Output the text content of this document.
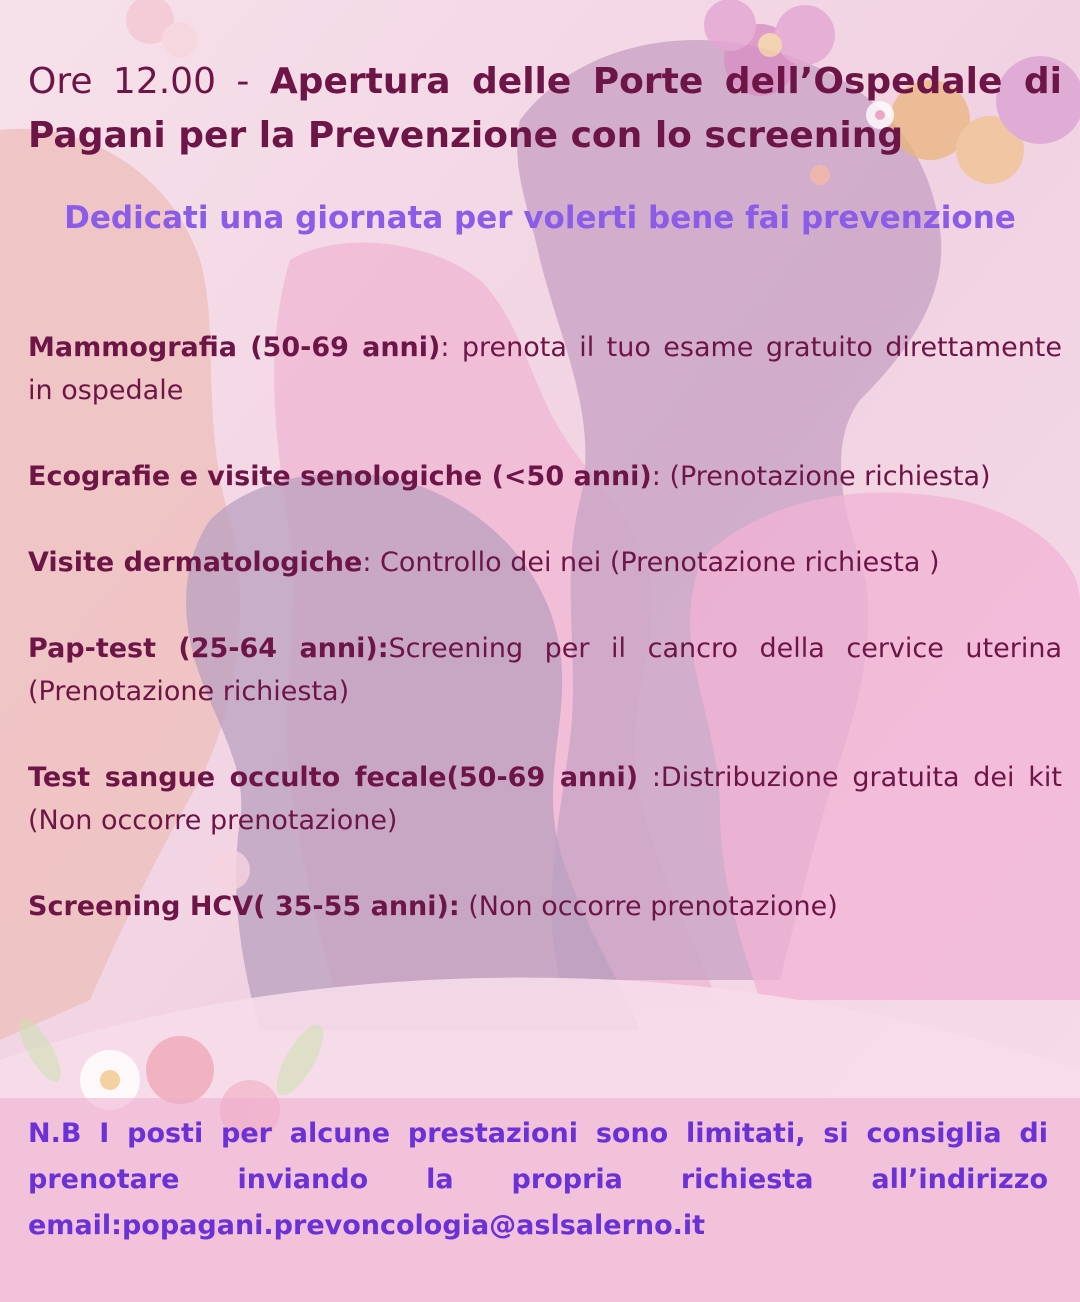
Ore 12.00 - Apertura delle Porte dell’Ospedale di Pagani per la Prevenzione con lo screening

Dedicati una giornata per volerti bene fai prevenzione

Mammografia (50-69 anni): prenota il tuo esame gratuito direttamente in ospedale

Ecografie e visite senologiche (<50 anni): (Prenotazione richiesta)

Visite dermatologiche: Controllo dei nei (Prenotazione richiesta )

Pap-test (25-64 anni):Screening per il cancro della cervice uterina (Prenotazione richiesta)

Test sangue occulto fecale(50-69 anni) :Distribuzione gratuita dei kit (Non occorre prenotazione)

Screening HCV( 35-55 anni): (Non occorre prenotazione)

N.B I posti per alcune prestazioni sono limitati, si consiglia di prenotare inviando la propria richiesta all’indirizzo email:popagani.prevoncologia@aslsalerno.it
